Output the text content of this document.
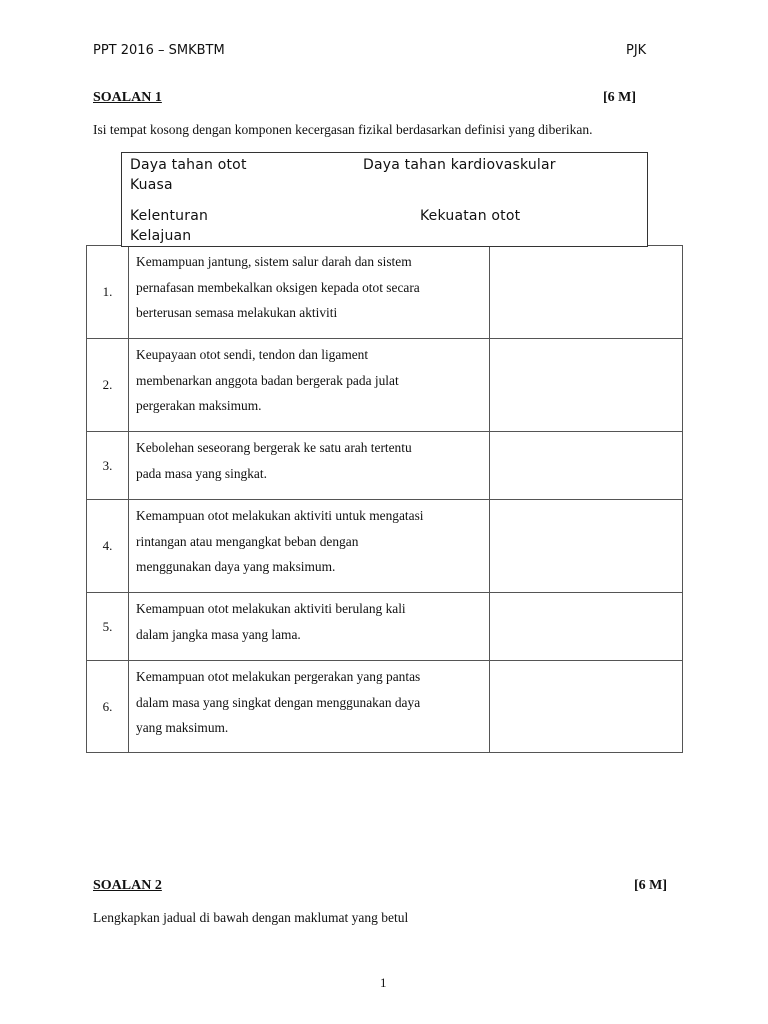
PPT 2016 – SMKBTM	PJK
SOALAN 1	[6 M]
Isi tempat kosong dengan komponen kecergasan fizikal berdasarkan definisi yang diberikan.
Daya tahan otot	Daya tahan kardiovaskular
Kuasa
Kelenturan	Kekuatan otot
Kelajuan
1.	Kemampuan jantung, sistem salur darah dan sistem
pernafasan membekalkan oksigen kepada otot secara
berterusan semasa melakukan aktiviti	

2.	Keupayaan otot sendi, tendon dan ligament
membenarkan anggota badan bergerak pada julat
pergerakan maksimum.	

3.	Kebolehan seseorang bergerak ke satu arah tertentu
pada masa yang singkat.	

4.	Kemampuan otot melakukan aktiviti untuk mengatasi
rintangan atau mengangkat beban dengan
menggunakan daya yang maksimum.	

5.	Kemampuan otot melakukan aktiviti berulang kali
dalam jangka masa yang lama.	

6.	Kemampuan otot melakukan pergerakan yang pantas
dalam masa yang singkat dengan menggunakan daya
yang maksimum.	

SOALAN 2	[6 M]
Lengkapkan jadual di bawah dengan maklumat yang betul
1
